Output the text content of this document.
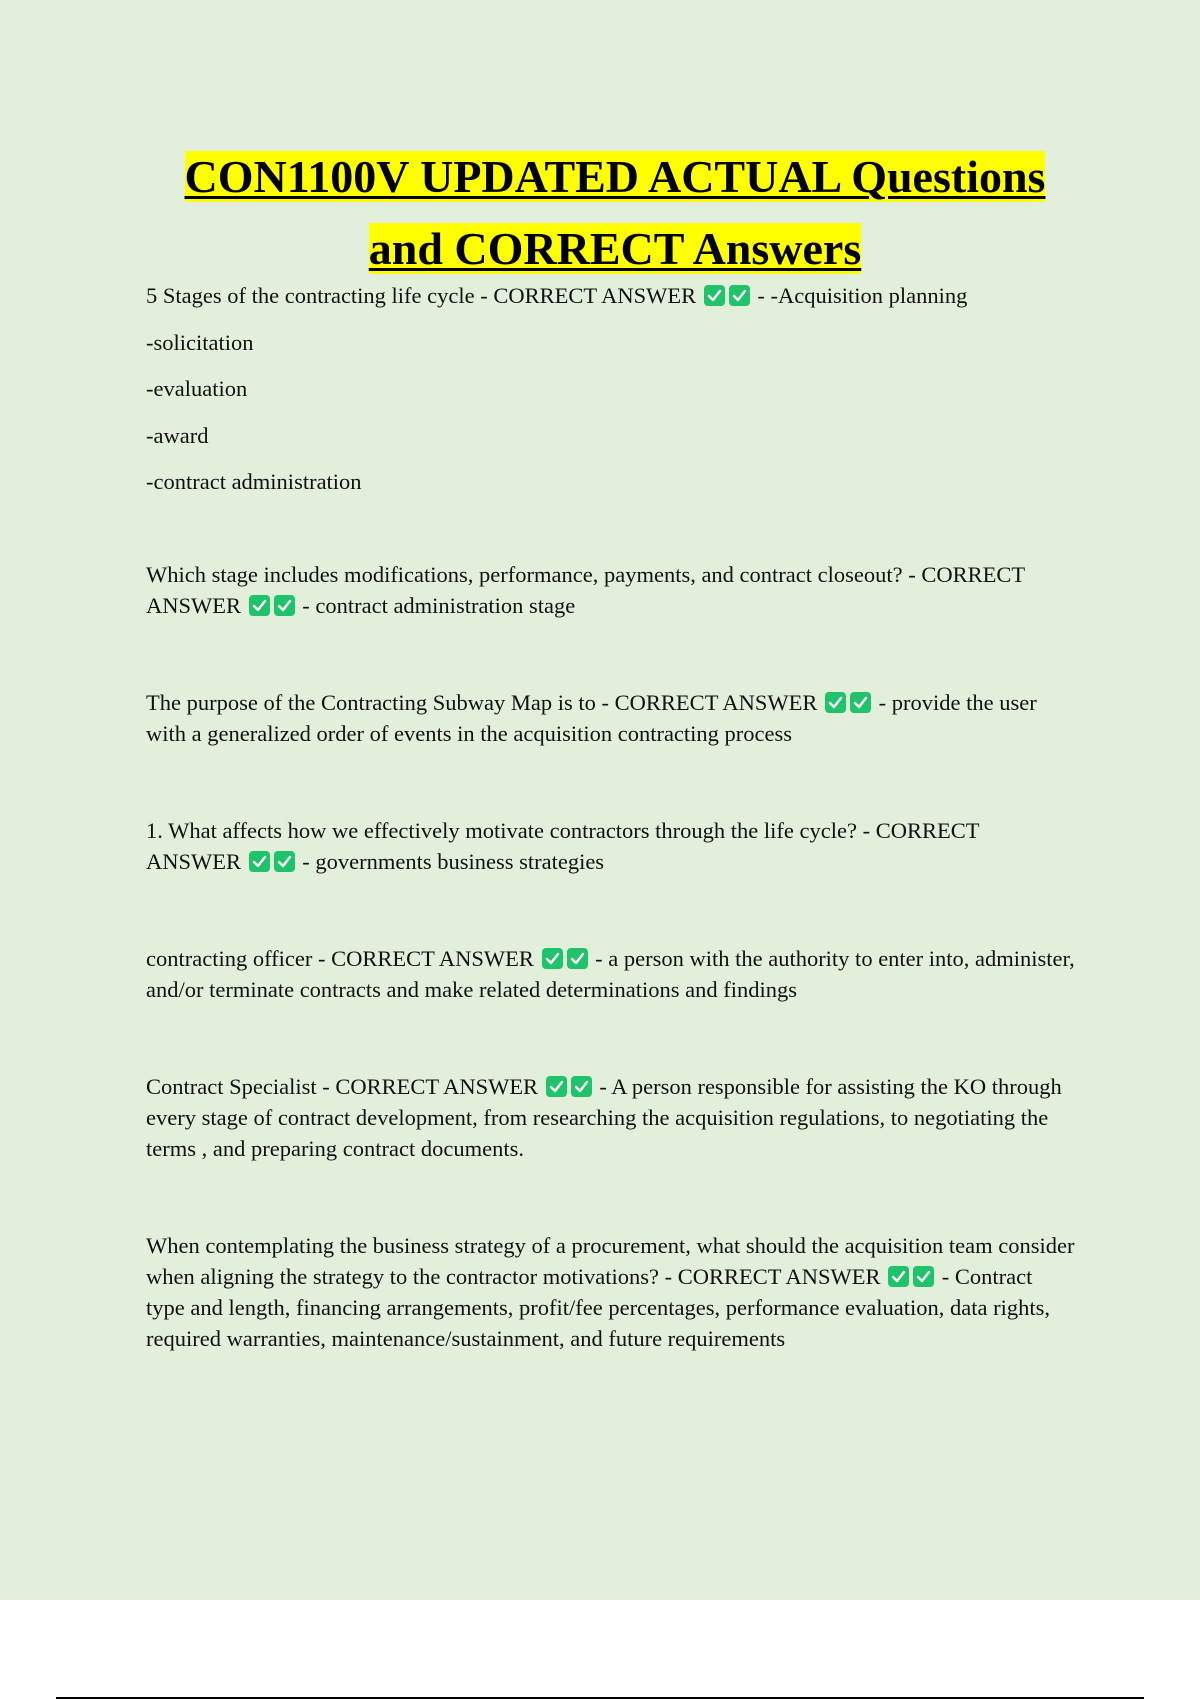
CON1100V UPDATED ACTUAL Questions
and CORRECT Answers
5 Stages of the contracting life cycle - CORRECT ANSWER
- -Acquisition planning
-solicitation
-evaluation
-award
-contract administration
Which stage includes modifications, performance, payments, and contract closeout? - CORRECT ANSWER
- contract administration stage
The purpose of the Contracting Subway Map is to - CORRECT ANSWER
- provide the user with a generalized order of events in the acquisition contracting process
1. What affects how we effectively motivate contractors through the life cycle? - CORRECT ANSWER
- governments business strategies
contracting officer - CORRECT ANSWER
- a person with the authority to enter into, administer, and/or terminate contracts and make related determinations and findings
Contract Specialist - CORRECT ANSWER
- A person responsible for assisting the KO through every stage of contract development, from researching the acquisition regulations, to negotiating the terms , and preparing contract documents.
When contemplating the business strategy of a procurement, what should the acquisition team consider when aligning the strategy to the contractor motivations? - CORRECT ANSWER
- Contract type and length, financing arrangements, profit/fee percentages, performance evaluation, data rights, required warranties, maintenance/sustainment, and future requirements
